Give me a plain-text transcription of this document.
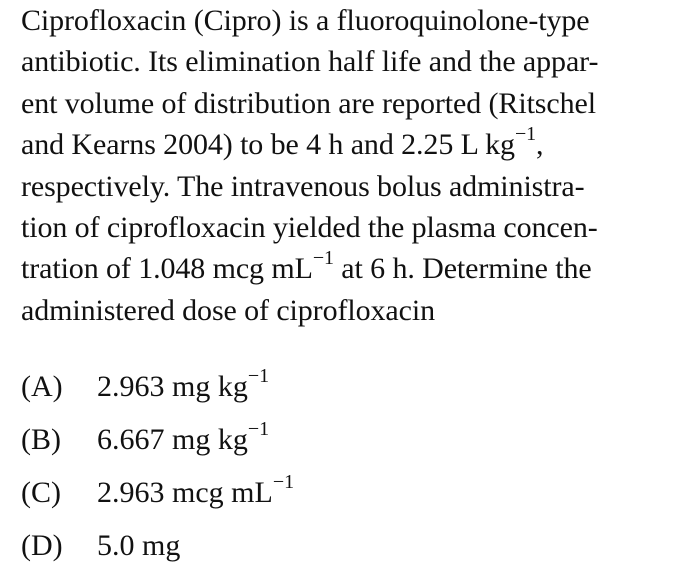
Ciprofloxacin (Cipro) is a fluoroquinolone-type
antibiotic. Its elimination half life and the appar-
ent volume of distribution are reported (Ritschel
and Kearns 2004) to be 4 h and 2.25 L $kg^{-1}$,
respectively. The intravenous bolus administra-
tion of ciprofloxacin yielded the plasma concen-
tration of 1.048 mcg $mL^{-1}$ at 6 h. Determine the
administered dose of ciprofloxacin
(A) 2.963 mg $kg^{-1}$
(B) 6.667 mg $kg^{-1}$
(C) 2.963 mcg $mL^{-1}$
(D) 5.0 mg
